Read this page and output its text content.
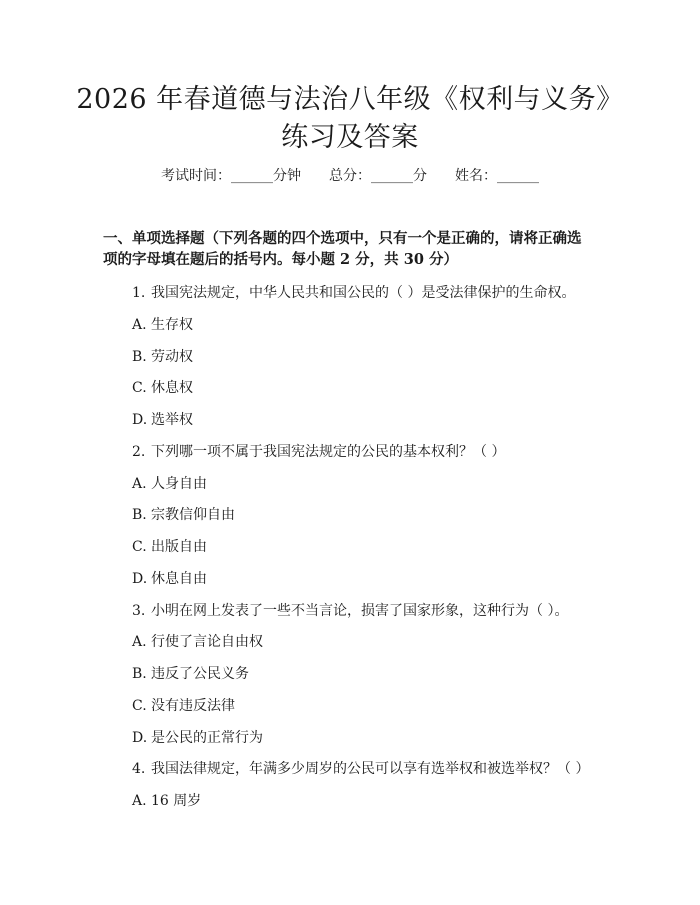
2026 年春道德与法治八年级《权利与义务》
练习及答案
考试时间：______分钟 总分：______分 姓名：______

一、单项选择题（下列各题的四个选项中，只有一个是正确的，请将正确选项的字母填在题后的括号内。每小题 2 分，共 30 分）

1. 我国宪法规定，中华人民共和国公民的（ ）是受法律保护的生命权。
A. 生存权
B. 劳动权
C. 休息权
D. 选举权
2. 下列哪一项不属于我国宪法规定的公民的基本权利？（ ）
A. 人身自由
B. 宗教信仰自由
C. 出版自由
D. 休息自由
3. 小明在网上发表了一些不当言论，损害了国家形象，这种行为（ ）。
A. 行使了言论自由权
B. 违反了公民义务
C. 没有违反法律
D. 是公民的正常行为
4. 我国法律规定，年满多少周岁的公民可以享有选举权和被选举权？（ ）
A. 16 周岁
